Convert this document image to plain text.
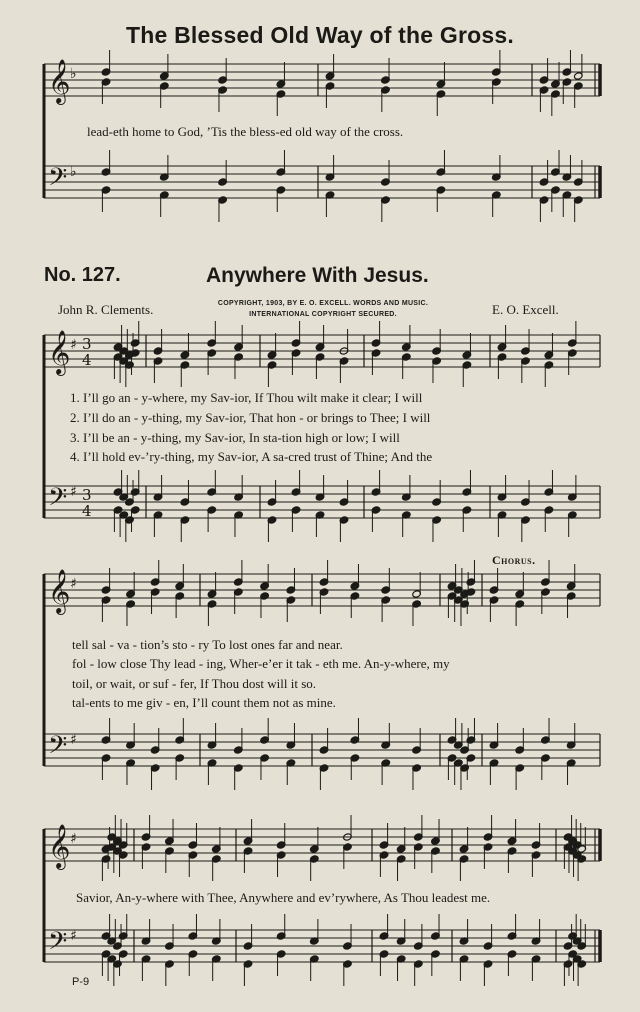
The Blessed Old Way of the Gross.
lead-eth home to God, ’Tis the bless-ed old way of the cross.
No. 127.	Anywhere With Jesus.
John R. Clements.	COPYRIGHT, 1903, BY E. O. EXCELL. WORDS AND MUSIC.
INTERNATIONAL COPYRIGHT SECURED.	E. O. Excell.
1. I’ll go an - y-where, my Sav-ior, If Thou wilt make it clear; I will
2. I’ll do an - y-thing, my Sav-ior, That hon - or brings to Thee; I will
3. I’ll be an - y-thing, my Sav-ior, In sta-tion high or low; I will
4. I’ll hold ev-’ry-thing, my Sav-ior, A sa-cred trust of Thine; And the
Chorus.
tell sal - va - tion’s sto - ry To lost ones far and near.
fol - low close Thy lead - ing, Wher-e’er it tak - eth me. An-y-where, my
toil, or wait, or suf - fer, If Thou dost will it so.
tal-ents to me giv - en, I’ll count them not as mine.
Savior, An-y-where with Thee, Anywhere and ev’rywhere, As Thou leadest me.
P-9
𝄞
𝄢
♭
♭
𝄞
𝄢
♯
♯
3
4
3
4
𝄞
𝄢
♯
♯
𝄞
𝄢
♯
♯
